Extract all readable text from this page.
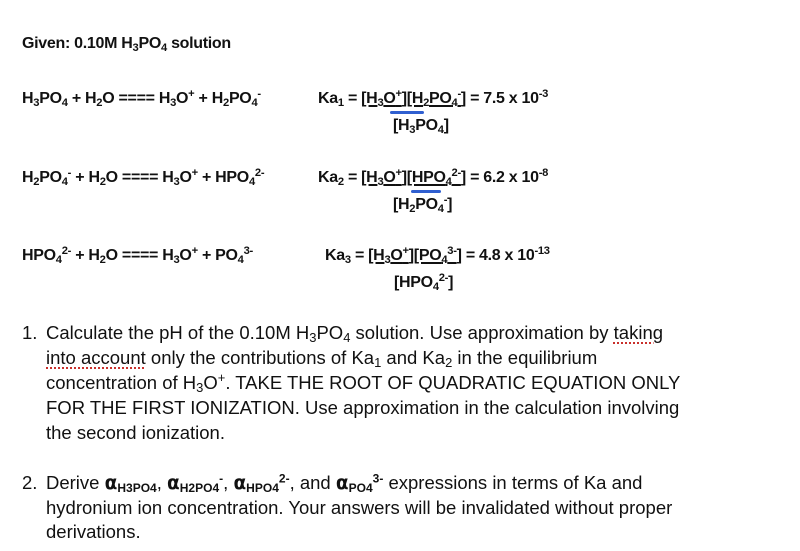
Given: 0.10M $H_3PO_4$ solution
$H_3PO_4 + H_2O$ ==== $H_3O^+ + H_2PO_4^-$	$Ka_1 = [H_3O^+][H_2PO_4^-] = 7.5$ x $10^{-3}$
$[H_3PO_4]$
$H_2PO_4^- + H_2O$ ==== $H_3O^+ + HPO_4^{2-}$	$Ka_2 = [H_3O^+][HPO_4^{2-}] = 6.2$ x $10^{-8}$
$[H_2PO_4^-]$
$HPO_4^{2-} + H_2O$ ==== $H_3O^+ + PO_4^{3-}$	$Ka_3 = [H_3O^+][PO_4^{3-}] = 4.8$ x $10^{-13}$
$[HPO_4^{2-}]$
1. Calculate the pH of the 0.10M $H_3PO_4$ solution. Use approximation by taking
into account only the contributions of $Ka_1$ and $Ka_2$ in the equilibrium
concentration of $H_3O^+$. TAKE THE ROOT OF QUADRATIC EQUATION ONLY
FOR THE FIRST IONIZATION. Use approximation in the calculation involving
the second ionization.
2. Derive $\alpha_{H3PO4}$, $\alpha_{H2PO4}^-$, $\alpha_{HPO4}^{2-}$, and $\alpha_{PO4}^{3-}$ expressions in terms of Ka and
hydronium ion concentration. Your answers will be invalidated without proper
derivations.
